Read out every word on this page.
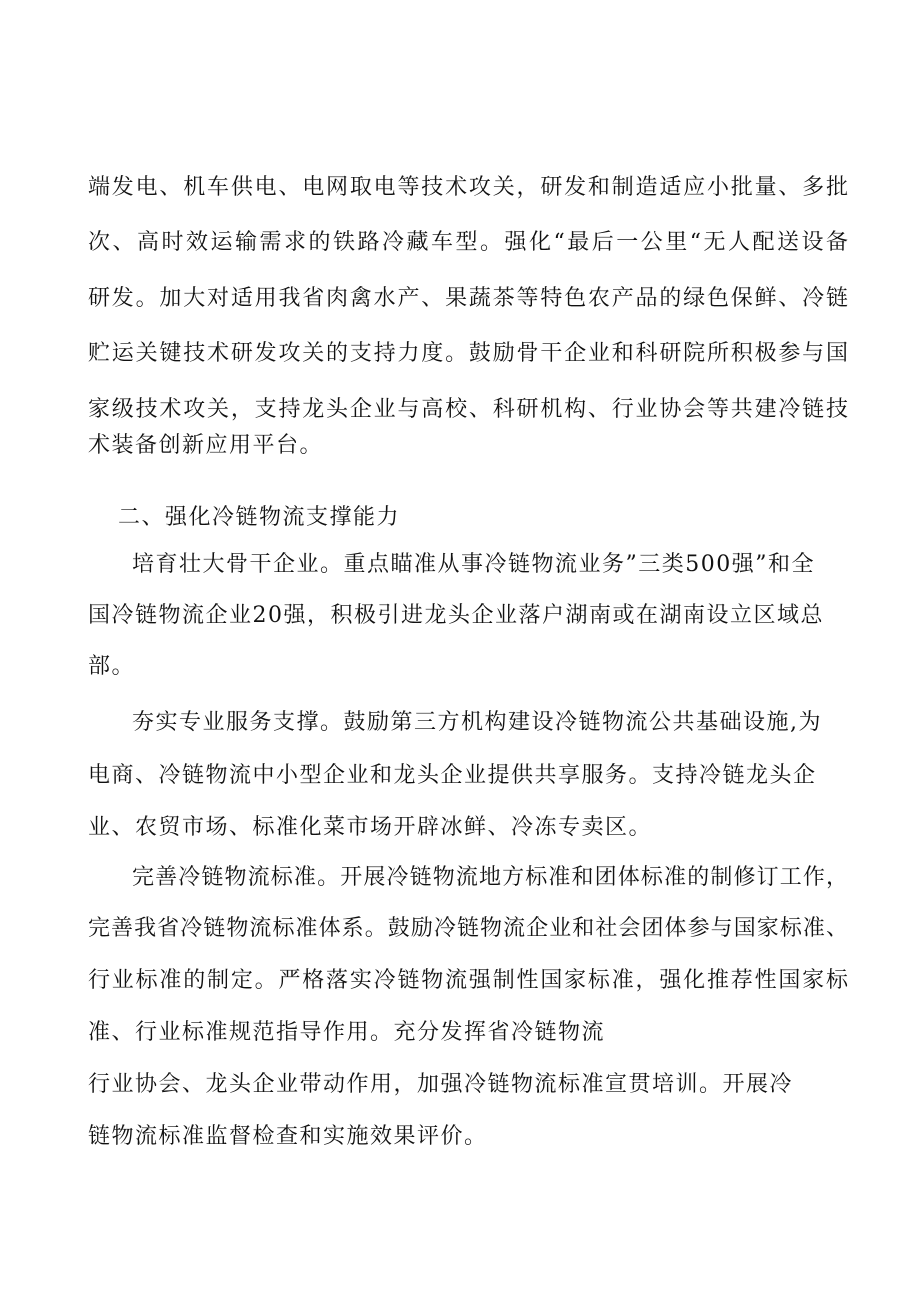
端发电、机车供电、电网取电等技术攻关，研发和制造适应小批量、多批
次、高时效运输需求的铁路冷藏车型。强化“最后一公里“无人配送设备
研发。加大对适用我省肉禽水产、果蔬茶等特色农产品的绿色保鲜、冷链
贮运关键技术研发攻关的支持力度。鼓励骨干企业和科研院所积极参与国
家级技术攻关，支持龙头企业与高校、科研机构、行业协会等共建冷链技
术装备创新应用平台。
二、强化冷链物流支撑能力
培育壮大骨干企业。重点瞄准从事冷链物流业务”三类500强”和全
国冷链物流企业20强，积极引进龙头企业落户湖南或在湖南设立区域总
部。
夯实专业服务支撑。鼓励第三方机构建设冷链物流公共基础设施,为
电商、冷链物流中小型企业和龙头企业提供共享服务。支持冷链龙头企
业、农贸市场、标准化菜市场开辟冰鲜、冷冻专卖区。
完善冷链物流标准。开展冷链物流地方标准和团体标准的制修订工作，
完善我省冷链物流标准体系。鼓励冷链物流企业和社会团体参与国家标准、
行业标准的制定。严格落实冷链物流强制性国家标准，强化推荐性国家标
准、行业标准规范指导作用。充分发挥省冷链物流
行业协会、龙头企业带动作用，加强冷链物流标准宣贯培训。开展冷
链物流标准监督检查和实施效果评价。
